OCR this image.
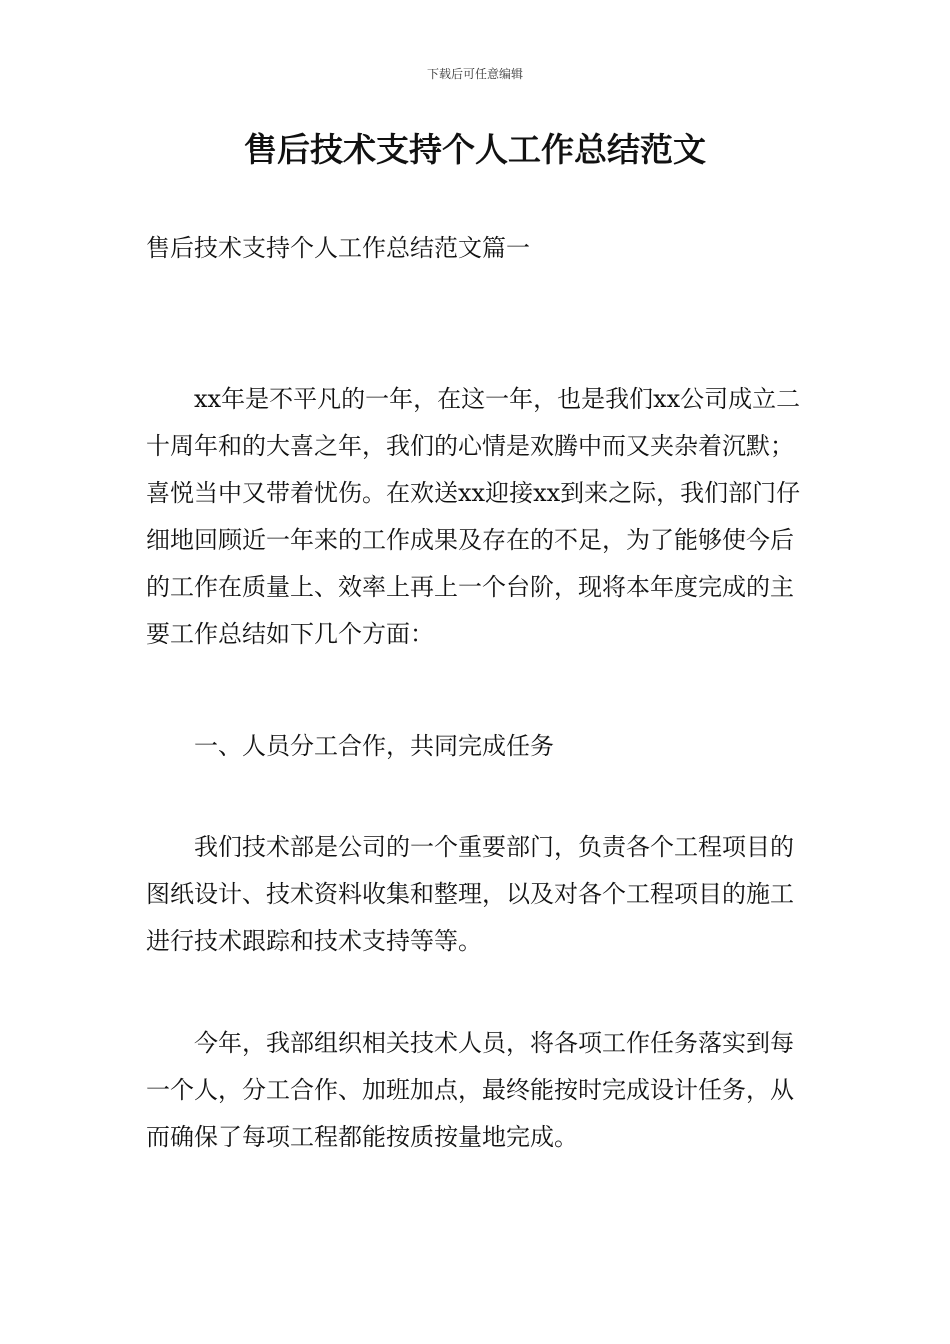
下载后可任意编辑
售后技术支持个人工作总结范文

售后技术支持个人工作总结范文篇一

xx年是不平凡的一年，在这一年，也是我们xx公司成立二十周年和的大喜之年，我们的心情是欢腾中而又夹杂着沉默；喜悦当中又带着忧伤。在欢送xx迎接xx到来之际，我们部门仔细地回顾近一年来的工作成果及存在的不足，为了能够使今后的工作在质量上、效率上再上一个台阶，现将本年度完成的主要工作总结如下几个方面：

一、人员分工合作，共同完成任务

我们技术部是公司的一个重要部门，负责各个工程项目的图纸设计、技术资料收集和整理，以及对各个工程项目的施工进行技术跟踪和技术支持等等。

今年，我部组织相关技术人员，将各项工作任务落实到每一个人，分工合作、加班加点，最终能按时完成设计任务，从而确保了每项工程都能按质按量地完成。
